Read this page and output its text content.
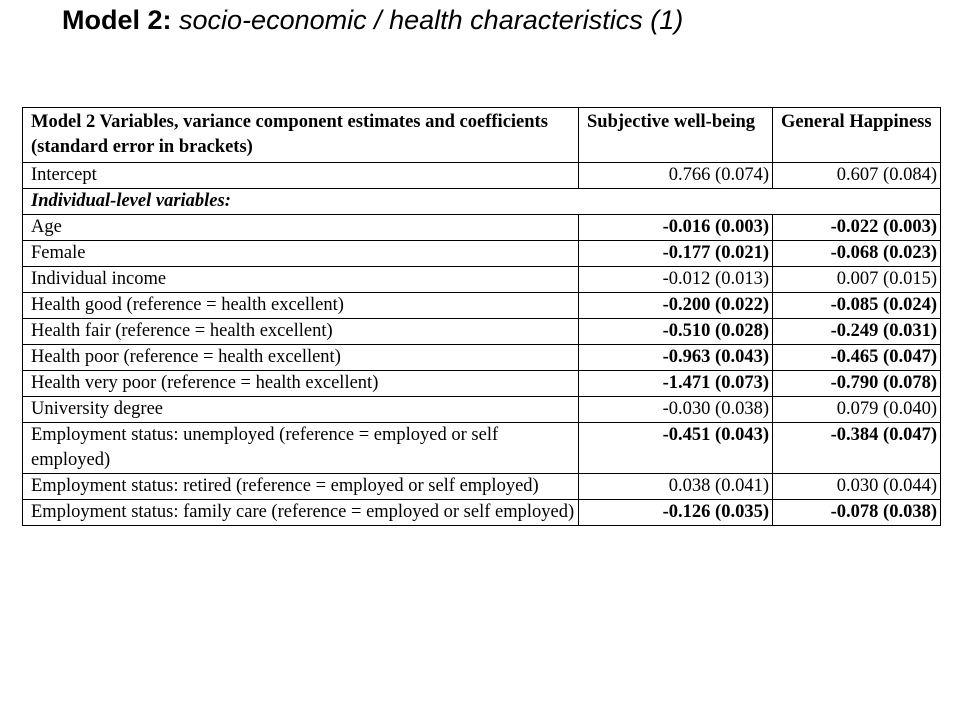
Model 2: socio-economic / health characteristics (1)
Model 2 Variables, variance component estimates and coefficients (standard error in brackets)	Subjective well-being	General Happiness
Intercept	0.766 (0.074)	0.607 (0.084)
Individual-level variables:		
Age	-0.016 (0.003)	-0.022 (0.003)
Female	-0.177 (0.021)	-0.068 (0.023)
Individual income	-0.012 (0.013)	0.007 (0.015)
Health good (reference = health excellent)	-0.200 (0.022)	-0.085 (0.024)
Health fair (reference = health excellent)	-0.510 (0.028)	-0.249 (0.031)
Health poor (reference = health excellent)	-0.963 (0.043)	-0.465 (0.047)
Health very poor (reference = health excellent)	-1.471 (0.073)	-0.790 (0.078)
University degree	-0.030 (0.038)	0.079 (0.040)
Employment status: unemployed (reference = employed or self employed)	-0.451 (0.043)	-0.384 (0.047)
Employment status: retired (reference = employed or self employed)	0.038 (0.041)	0.030 (0.044)
Employment status: family care (reference = employed or self employed)	-0.126 (0.035)	-0.078 (0.038)
